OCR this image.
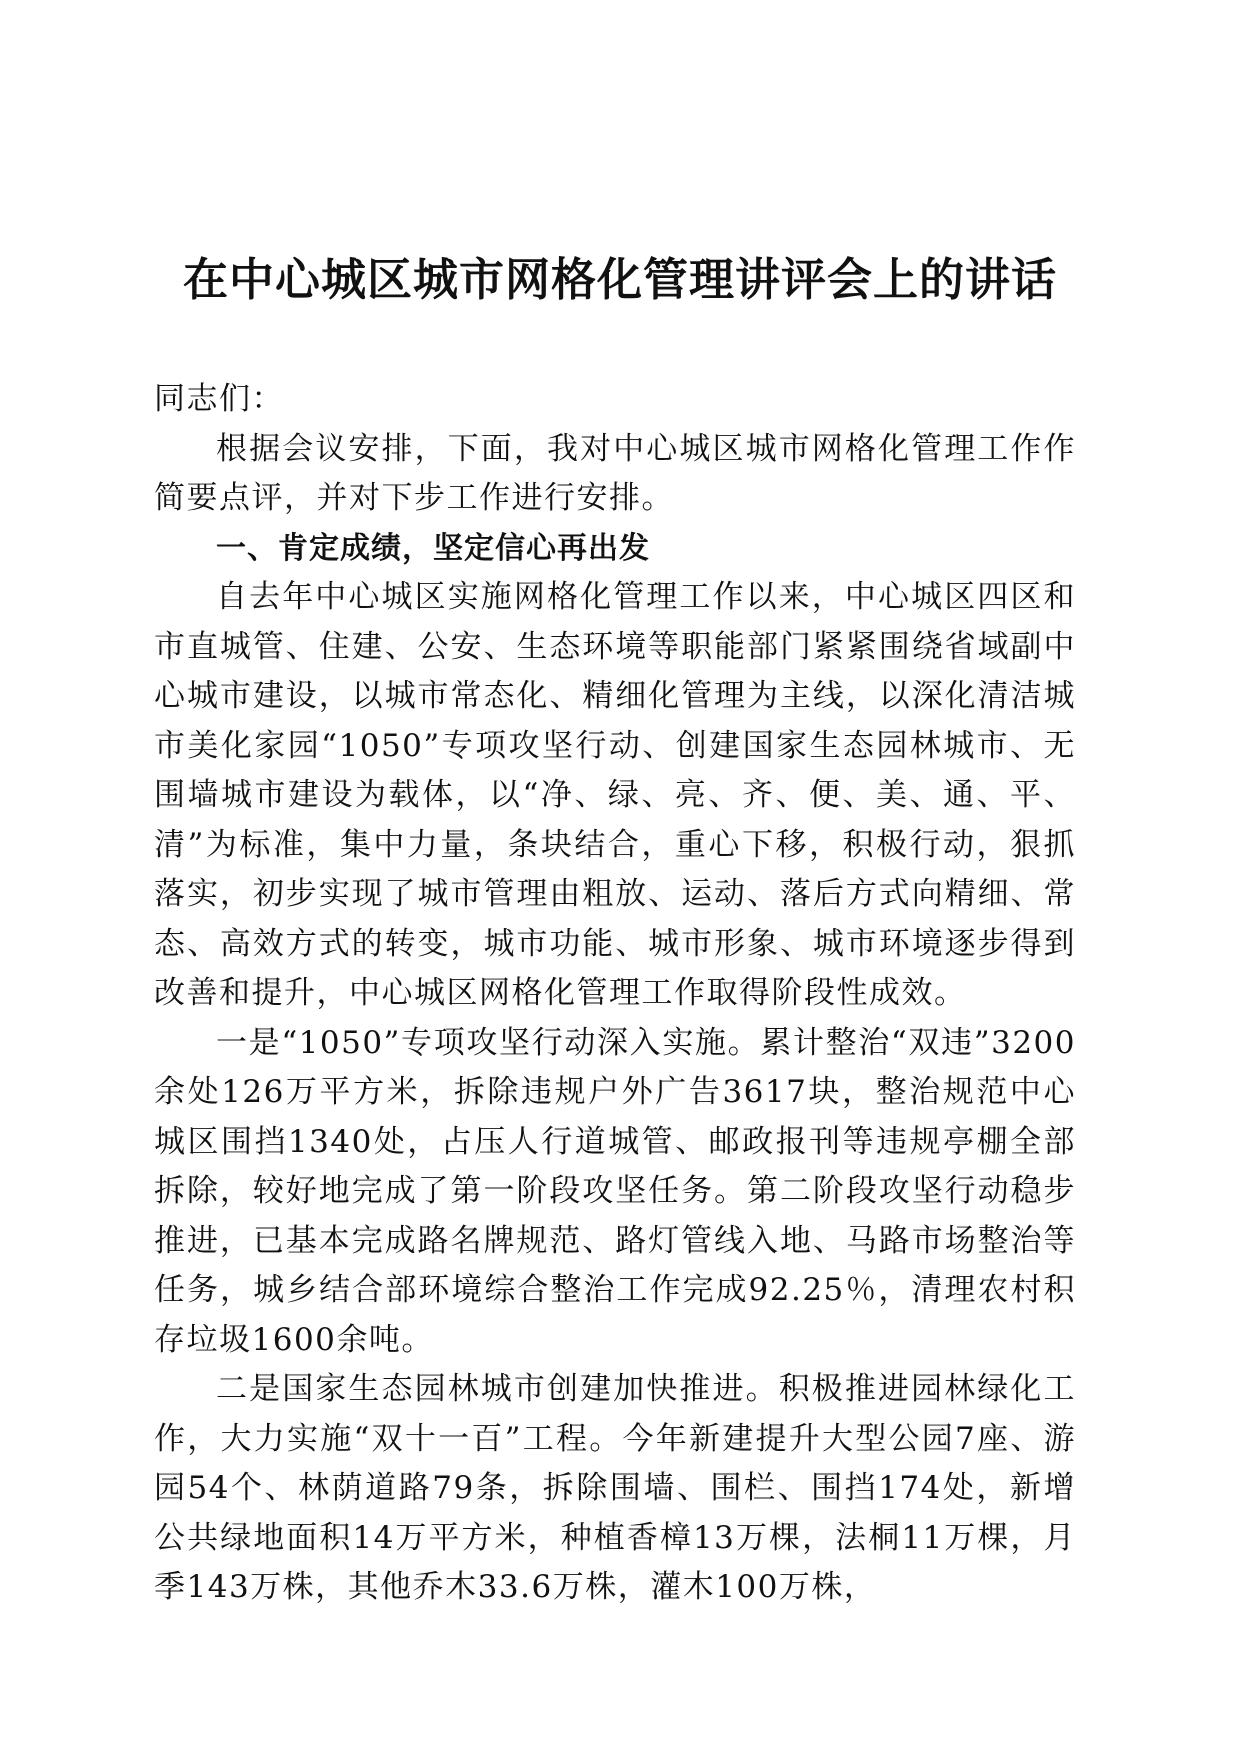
在中心城区城市网格化管理讲评会上的讲话

同志们：

根据会议安排，下面，我对中心城区城市网格化管理工作作简要点评，并对下步工作进行安排。

一、肯定成绩，坚定信心再出发

自去年中心城区实施网格化管理工作以来，中心城区四区和市直城管、住建、公安、生态环境等职能部门紧紧围绕省域副中心城市建设，以城市常态化、精细化管理为主线，以深化清洁城市美化家园“1050”专项攻坚行动、创建国家生态园林城市、无围墙城市建设为载体，以“净、绿、亮、齐、便、美、通、平、清”为标准，集中力量，条块结合，重心下移，积极行动，狠抓落实，初步实现了城市管理由粗放、运动、落后方式向精细、常态、高效方式的转变，城市功能、城市形象、城市环境逐步得到改善和提升，中心城区网格化管理工作取得阶段性成效。

一是“1050”专项攻坚行动深入实施。累计整治“双违”3200余处126万平方米，拆除违规户外广告3617块，整治规范中心城区围挡1340处，占压人行道城管、邮政报刊等违规亭棚全部拆除，较好地完成了第一阶段攻坚任务。第二阶段攻坚行动稳步推进，已基本完成路名牌规范、路灯管线入地、马路市场整治等任务，城乡结合部环境综合整治工作完成92.25％，清理农村积存垃圾1600余吨。

二是国家生态园林城市创建加快推进。积极推进园林绿化工作，大力实施“双十一百”工程。今年新建提升大型公园7座、游园54个、林荫道路79条，拆除围墙、围栏、围挡174处，新增公共绿地面积14万平方米，种植香樟13万棵，法桐11万棵，月季143万株，其他乔木33.6万株，灌木100万株，
